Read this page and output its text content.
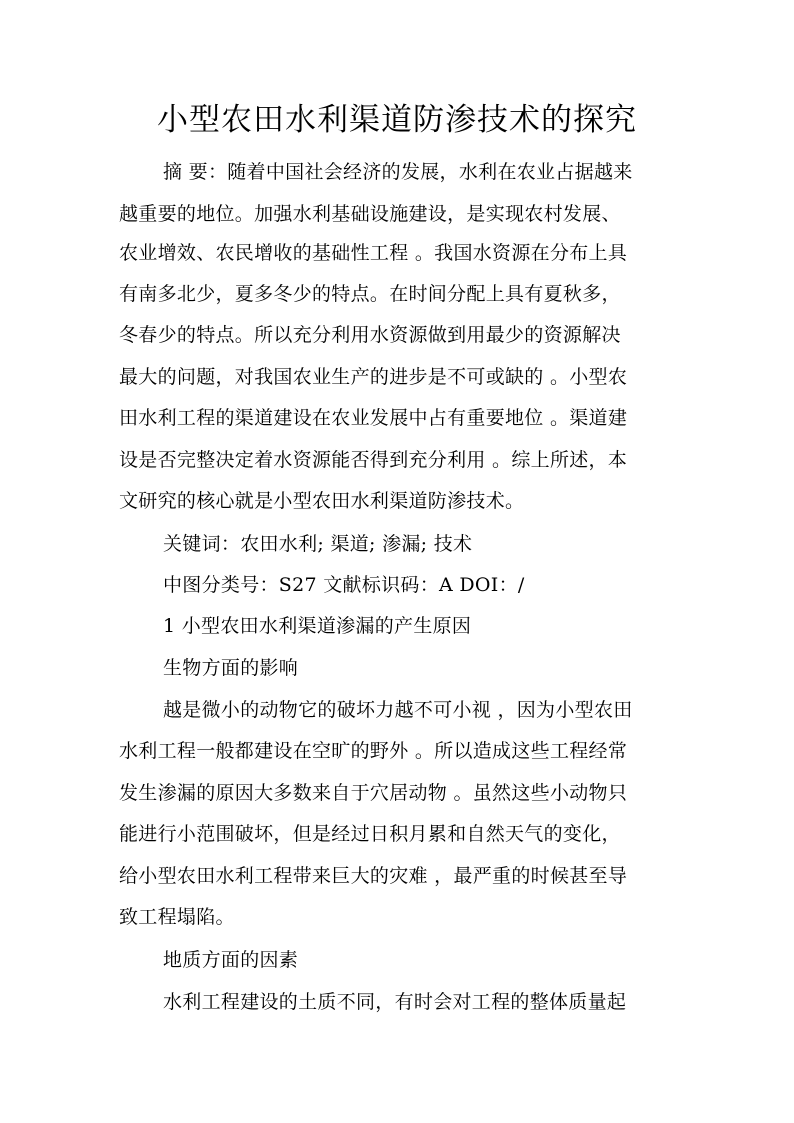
小型农田水利渠道防渗技术的探究
摘 要：随着中国社会经济的发展，水利在农业占据越来
越重要的地位。加强水利基础设施建设，是实现农村发展、
农业增效、农民增收的基础性工程 。我国水资源在分布上具
有南多北少，夏多冬少的特点。在时间分配上具有夏秋多，
冬春少的特点。所以充分利用水资源做到用最少的资源解决
最大的问题，对我国农业生产的进步是不可或缺的 。小型农
田水利工程的渠道建设在农业发展中占有重要地位 。渠道建
设是否完整决定着水资源能否得到充分利用 。综上所述，本
文研究的核心就是小型农田水利渠道防渗技术。
关键词：农田水利; 渠道; 渗漏; 技术
中图分类号：S27 文献标识码：A DOI：/
1 小型农田水利渠道渗漏的产生原因
生物方面的影响
越是微小的动物它的破坏力越不可小视 ，因为小型农田
水利工程一般都建设在空旷的野外 。所以造成这些工程经常
发生渗漏的原因大多数来自于穴居动物 。虽然这些小动物只
能进行小范围破坏，但是经过日积月累和自然天气的变化，
给小型农田水利工程带来巨大的灾难 ，最严重的时候甚至导
致工程塌陷。
地质方面的因素
水利工程建设的土质不同，有时会对工程的整体质量起
